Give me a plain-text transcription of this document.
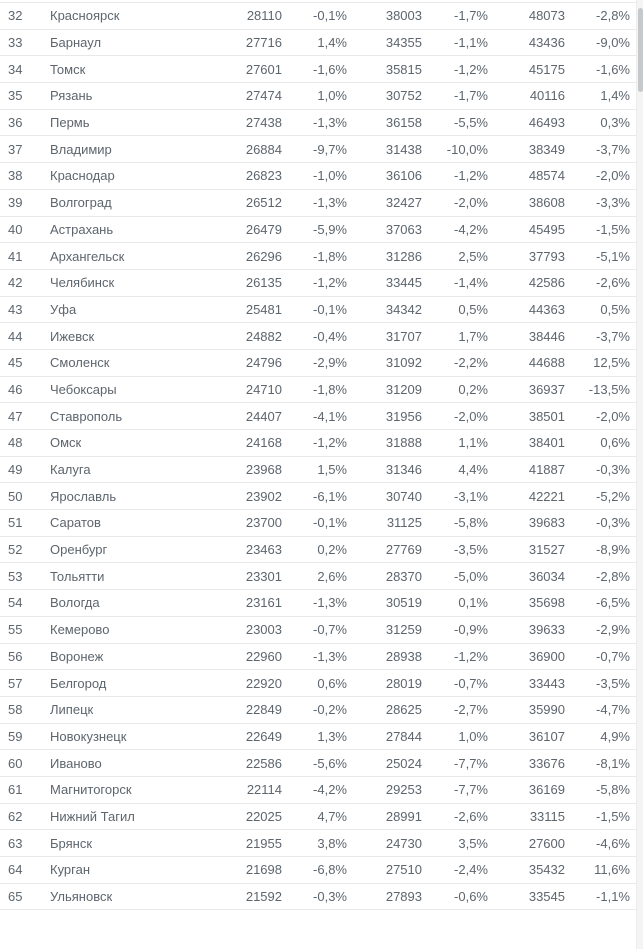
32	Красноярск	28110	-0,1%	38003	-1,7%	48073	-2,8%
33	Барнаул	27716	1,4%	34355	-1,1%	43436	-9,0%
34	Томск	27601	-1,6%	35815	-1,2%	45175	-1,6%
35	Рязань	27474	1,0%	30752	-1,7%	40116	1,4%
36	Пермь	27438	-1,3%	36158	-5,5%	46493	0,3%
37	Владимир	26884	-9,7%	31438	-10,0%	38349	-3,7%
38	Краснодар	26823	-1,0%	36106	-1,2%	48574	-2,0%
39	Волгоград	26512	-1,3%	32427	-2,0%	38608	-3,3%
40	Астрахань	26479	-5,9%	37063	-4,2%	45495	-1,5%
41	Архангельск	26296	-1,8%	31286	2,5%	37793	-5,1%
42	Челябинск	26135	-1,2%	33445	-1,4%	42586	-2,6%
43	Уфа	25481	-0,1%	34342	0,5%	44363	0,5%
44	Ижевск	24882	-0,4%	31707	1,7%	38446	-3,7%
45	Смоленск	24796	-2,9%	31092	-2,2%	44688	12,5%
46	Чебоксары	24710	-1,8%	31209	0,2%	36937	-13,5%
47	Ставрополь	24407	-4,1%	31956	-2,0%	38501	-2,0%
48	Омск	24168	-1,2%	31888	1,1%	38401	0,6%
49	Калуга	23968	1,5%	31346	4,4%	41887	-0,3%
50	Ярославль	23902	-6,1%	30740	-3,1%	42221	-5,2%
51	Саратов	23700	-0,1%	31125	-5,8%	39683	-0,3%
52	Оренбург	23463	0,2%	27769	-3,5%	31527	-8,9%
53	Тольятти	23301	2,6%	28370	-5,0%	36034	-2,8%
54	Вологда	23161	-1,3%	30519	0,1%	35698	-6,5%
55	Кемерово	23003	-0,7%	31259	-0,9%	39633	-2,9%
56	Воронеж	22960	-1,3%	28938	-1,2%	36900	-0,7%
57	Белгород	22920	0,6%	28019	-0,7%	33443	-3,5%
58	Липецк	22849	-0,2%	28625	-2,7%	35990	-4,7%
59	Новокузнецк	22649	1,3%	27844	1,0%	36107	4,9%
60	Иваново	22586	-5,6%	25024	-7,7%	33676	-8,1%
61	Магнитогорск	22114	-4,2%	29253	-7,7%	36169	-5,8%
62	Нижний Тагил	22025	4,7%	28991	-2,6%	33115	-1,5%
63	Брянск	21955	3,8%	24730	3,5%	27600	-4,6%
64	Курган	21698	-6,8%	27510	-2,4%	35432	11,6%
65	Ульяновск	21592	-0,3%	27893	-0,6%	33545	-1,1%
